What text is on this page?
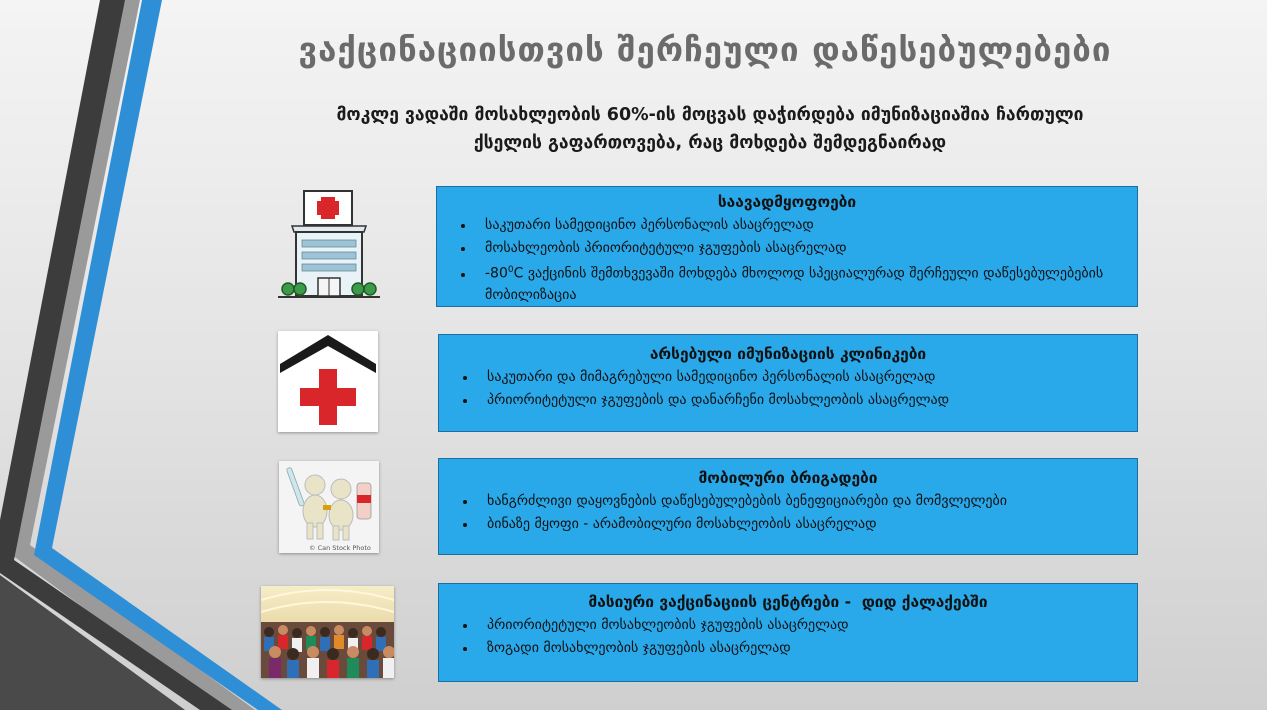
ვაქცინაციისთვის შერჩეული დაწესებულებები
მოკლე ვადაში მოსახლეობის 60%-ის მოცვას დაჭირდება იმუნიზაციაშია ჩართული
ქსელის გაფართოვება, რაც მოხდება შემდეგნაირად
© Can Stock Photo
საავადმყოფოები
• საკუთარი სამედიცინო პერსონალის ასაცრელად
• მოსახლეობის პრიორიტეტული ჯგუფების ასაცრელად
• $-80^0C$ ვაქცინის შემთხვევაში მოხდება მხოლოდ სპეციალურად შერჩეული დაწესებულებების მობილიზაცია
არსებული იმუნიზაციის კლინიკები
• საკუთარი და მიმაგრებული სამედიცინო პერსონალის ასაცრელად
• პრიორიტეტული ჯგუფების და დანარჩენი მოსახლეობის ასაცრელად
მობილური ბრიგადები
• ხანგრძლივი დაყოვნების დაწესებულებების ბენეფიციარები და მომვლელები
• ბინაზე მყოფი - არამობილური მოსახლეობის ასაცრელად
მასიური ვაქცინაციის ცენტრები -  დიდ ქალაქებში
• პრიორიტეტული მოსახლეობის ჯგუფების ასაცრელად
• ზოგადი მოსახლეობის ჯგუფების ასაცრელად
